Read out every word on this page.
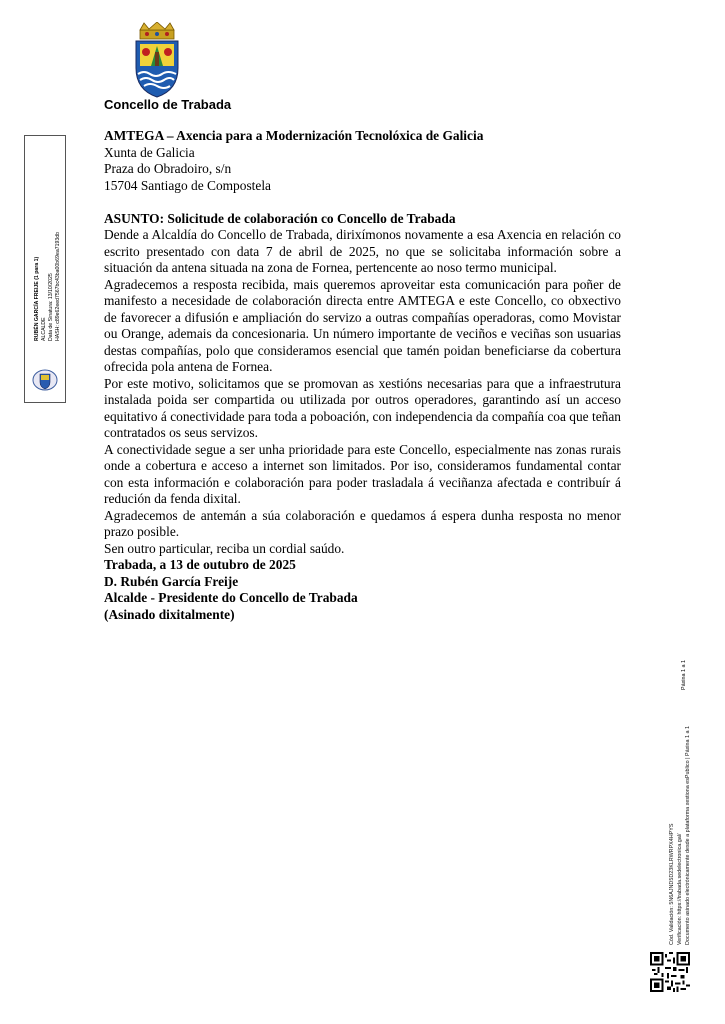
Concello de Trabada
RUBÉN GARCÍA FREIJE (1 para 1) ALCALDE Data de Sinatura: 13/10/2025 HASH: c89e62eed7567bc43ba00b69ea7193db

AMTEGA – Axencia para a Modernización Tecnolóxica de Galicia

Xunta de Galicia

Praza do Obradoiro, s/n

15704 Santiago de Compostela

ASUNTO: Solicitude de colaboración co Concello de Trabada

Dende a Alcaldía do Concello de Trabada, dirixímonos novamente a esa Axencia en relación co escrito presentado con data 7 de abril de 2025, no que se solicitaba información sobre a situación da antena situada na zona de Fornea, pertencente ao noso termo municipal.

Agradecemos a resposta recibida, mais queremos aproveitar esta comunicación para poñer de manifesto a necesidade de colaboración directa entre AMTEGA e este Concello, co obxectivo de favorecer a difusión e ampliación do servizo a outras compañías operadoras, como Movistar ou Orange, ademais da concesionaria. Un número importante de veciños e veciñas son usuarias destas compañías, polo que consideramos esencial que tamén poidan beneficiarse da cobertura ofrecida pola antena de Fornea.

Por este motivo, solicitamos que se promovan as xestións necesarias para que a infraestrutura instalada poida ser compartida ou utilizada por outros operadores, garantindo así un acceso equitativo á conectividade para toda a poboación, con independencia da compañía coa que teñan contratados os seus servizos.

A conectividade segue a ser unha prioridade para este Concello, especialmente nas zonas rurais onde a cobertura e acceso a internet son limitados. Por iso, consideramos fundamental contar con esta información e colaboración para poder trasladala á veciñanza afectada e contribuír á redución da fenda dixital.

Agradecemos de antemán a súa colaboración e quedamos á espera dunha resposta no menor prazo posible.

Sen outro particular, reciba un cordial saúdo.

Trabada, a 13 de outubro de 2025

D. Rubén García Freije

Alcalde - Presidente do Concello de Trabada

(Asinado dixitalmente)

Páxina 1 a 1
Cód. Validación: 5N6AJND5D23KLRWRPX4HPYS Verificación: https://trabada.sedelectronica.gal/ Documento asinado electrónicamente desde a plataforma xestiona esPublico | Páxina 1 a 1
